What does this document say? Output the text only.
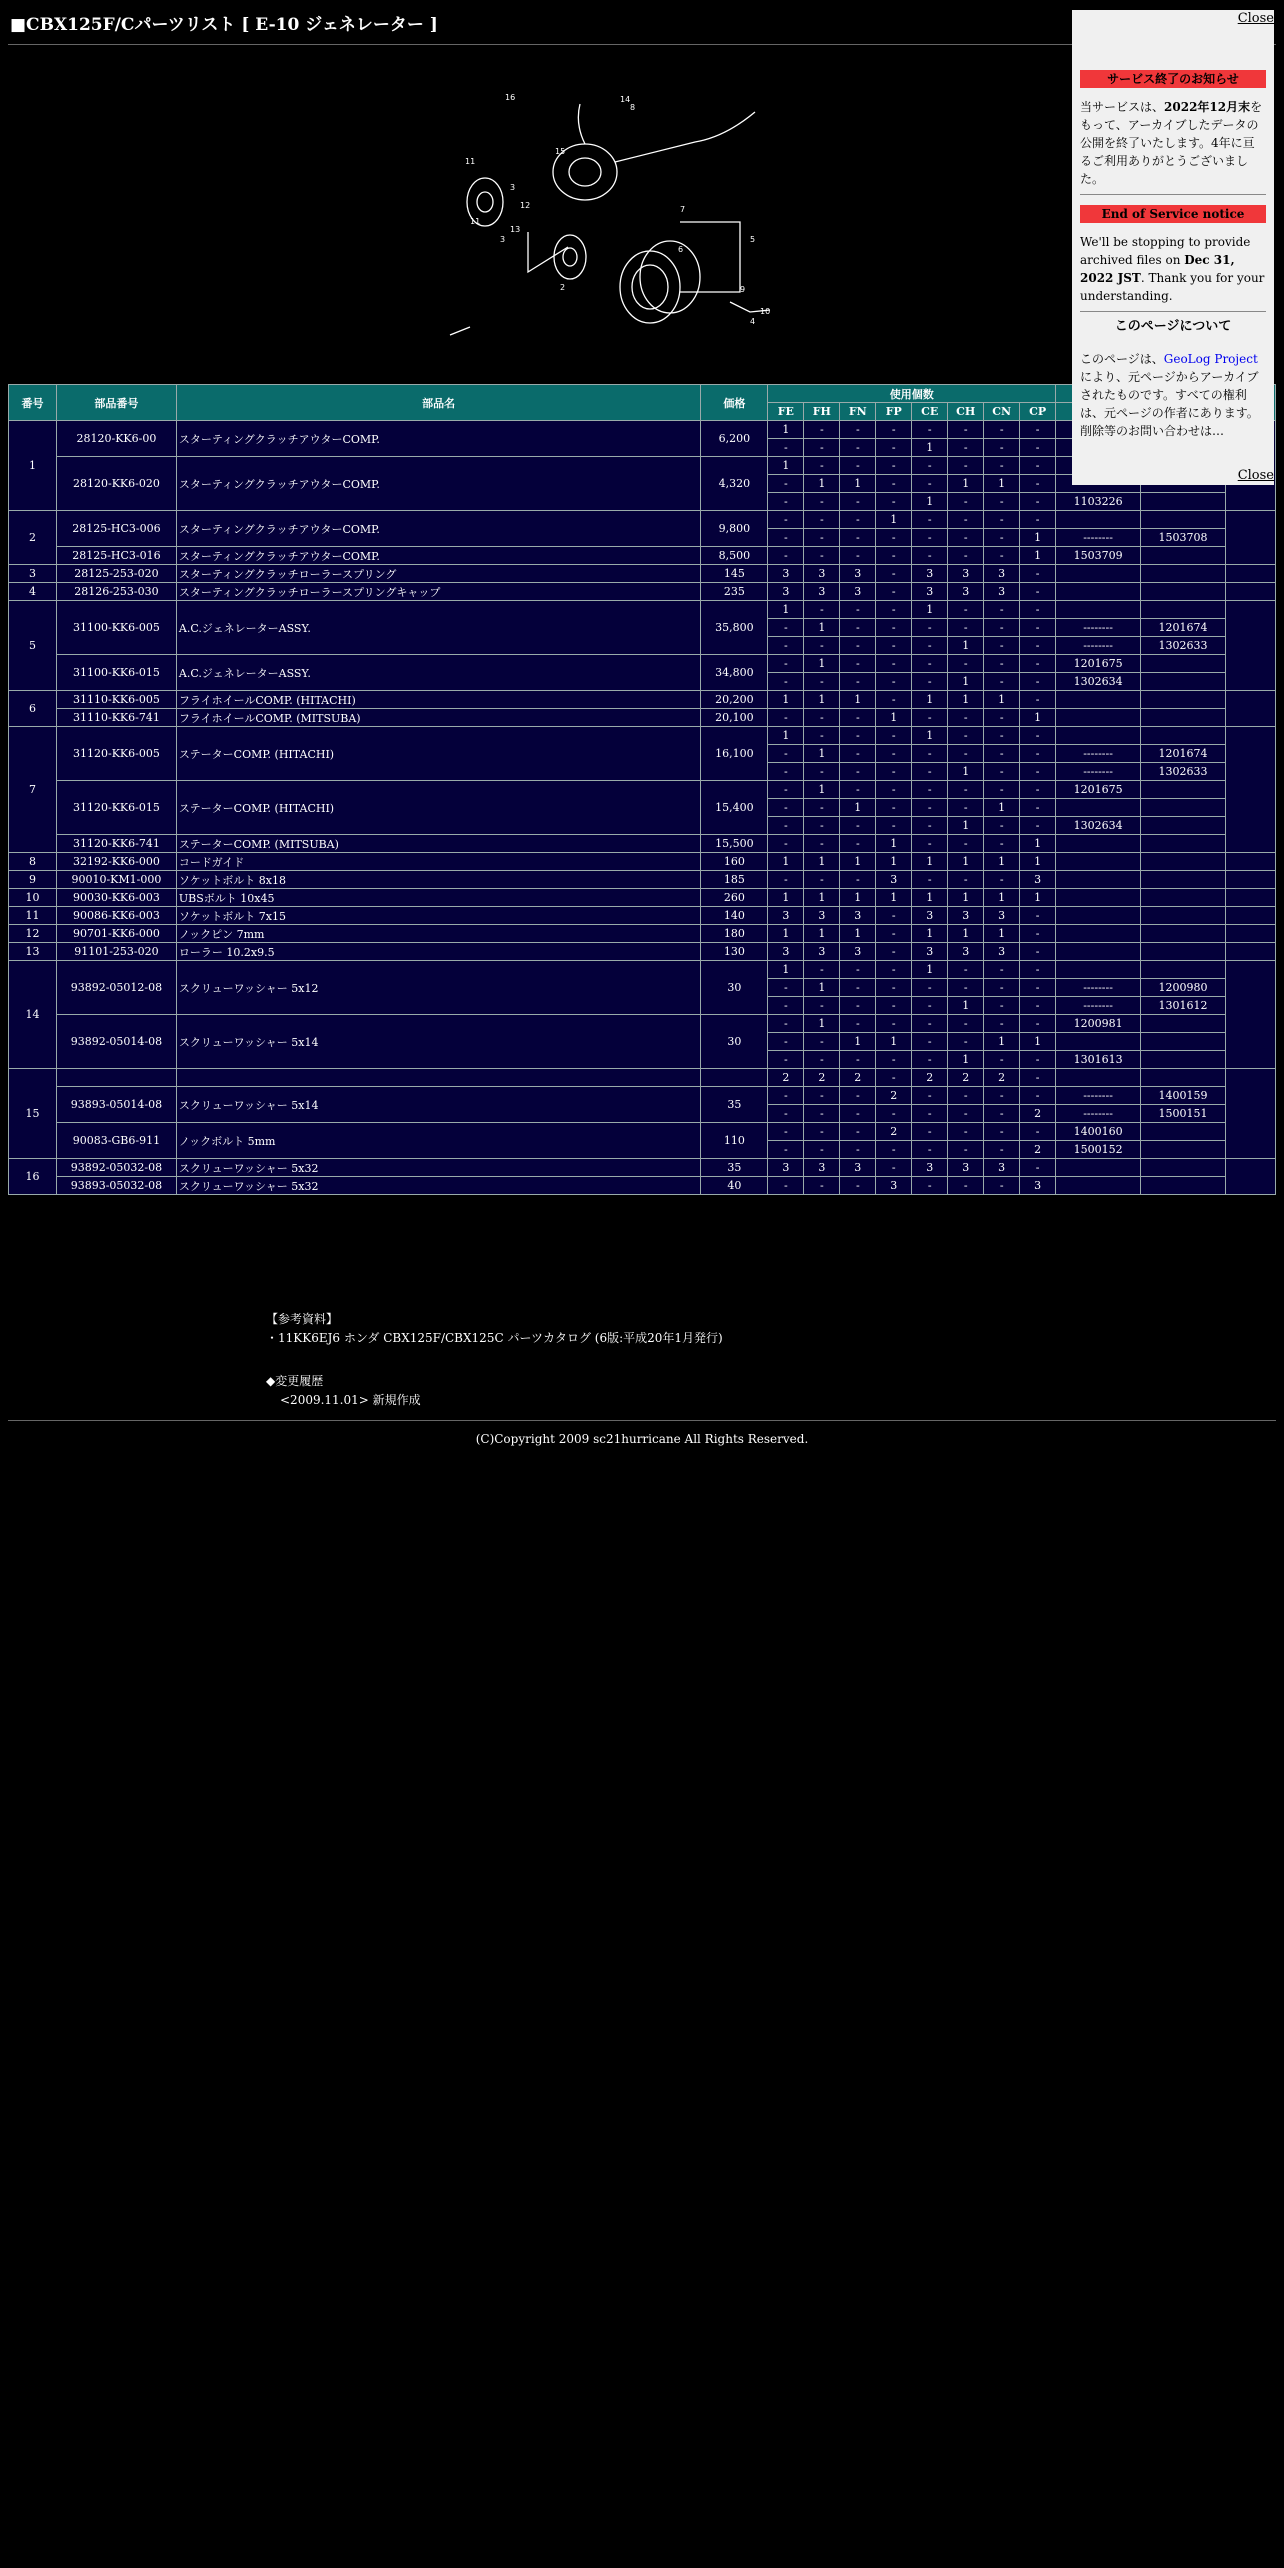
■CBX125F/Cパーツリスト [ E-10 ジェネレーター ]
16	14
8
11
11
3
12
13
3
15
5
6
7
2	9
10
4
番号	部品番号	部品名	価格	使用個数										
				FE	FH	FN	FP	CE	CH	CN	CP			
1	28120-KK6-00	スターティングクラッチアウターCOMP.	6,200	1	-	-	-	-	-	-	-			
				-	-	-	-	1	-	-	-			
	28120-KK6-020	スターティングクラッチアウターCOMP.	4,320	1	-	-	-	-	-	-	-			
				-	1	1	-	-	1	1	-			
				-	-	-	-	1	-	-	-	1103226		
2	28125-HC3-006	スターティングクラッチアウターCOMP.	9,800	-	-	-	1	-	-	-	-			
				-	-	-	-	-	-	-	1	--------	1503708	
	28125-HC3-016	スターティングクラッチアウターCOMP.	8,500	-	-	-	-	-	-	-	1	1503709		
3	28125-253-020	スターティングクラッチローラースプリング	145	3	3	3	-	3	3	3	-			
4	28126-253-030	スターティングクラッチローラースプリングキャップ	235	3	3	3	-	3	3	3	-			
5	31100-KK6-005	A.C.ジェネレーターASSY.	35,800	1	-	-	-	1	-	-	-			
				-	1	-	-	-	-	-	-	--------	1201674	
				-	-	-	-	-	1	-	-	--------	1302633	
	31100-KK6-015	A.C.ジェネレーターASSY.	34,800	-	1	-	-	-	-	-	-	1201675		
				-	-	-	-	-	1	-	-	1302634		
6	31110-KK6-005	フライホイールCOMP. (HITACHI)	20,200	1	1	1	-	1	1	1	-			
	31110-KK6-741	フライホイールCOMP. (MITSUBA)	20,100	-	-	-	1	-	-	-	1			
7	31120-KK6-005	ステーターCOMP. (HITACHI)	16,100	1	-	-	-	1	-	-	-			
				-	1	-	-	-	-	-	-	--------	1201674	
				-	-	-	-	-	1	-	-	--------	1302633	
	31120-KK6-015	ステーターCOMP. (HITACHI)	15,400	-	1	-	-	-	-	-	-	1201675		
				-	-	1	-	-	-	1	-			
				-	-	-	-	-	1	-	-	1302634		
	31120-KK6-741	ステーターCOMP. (MITSUBA)	15,500	-	-	-	1	-	-	-	1			
8	32192-KK6-000	コードガイド	160	1	1	1	1	1	1	1	1			
9	90010-KM1-000	ソケットボルト 8x18	185	-	-	-	3	-	-	-	3			
10	90030-KK6-003	UBSボルト 10x45	260	1	1	1	1	1	1	1	1			
11	90086-KK6-003	ソケットボルト 7x15	140	3	3	3	-	3	3	3	-			
12	90701-KK6-000	ノックピン 7mm	180	1	1	1	-	1	1	1	-			
13	91101-253-020	ローラー 10.2x9.5	130	3	3	3	-	3	3	3	-			
14	93892-05012-08	スクリューワッシャー 5x12	30	1	-	-	-	1	-	-	-			
				-	1	-	-	-	-	-	-	--------	1200980	
				-	-	-	-	-	1	-	-	--------	1301612	
	93892-05014-08	スクリューワッシャー 5x14	30	-	1	-	-	-	-	-	-	1200981		
				-	-	1	1	-	-	1	1			
				-	-	-	-	-	1	-	-	1301613		
15				2	2	2	-	2	2	2	-			
	93893-05014-08	スクリューワッシャー 5x14	35	-	-	-	2	-	-	-	-	--------	1400159	
				-	-	-	-	-	-	-	2	--------	1500151	
	90083-GB6-911	ノックボルト 5mm	110	-	-	-	2	-	-	-	-	1400160		
				-	-	-	-	-	-	-	2	1500152		
16	93892-05032-08	スクリューワッシャー 5x32	35	3	3	3	-	3	3	3	-			
	93893-05032-08	スクリューワッシャー 5x32	40	-	-	-	3	-	-	-	3			
【参考資料】
・11KK6EJ6 ホンダ CBX125F/CBX125C パーツカタログ (6版:平成20年1月発行)
◆変更履歴
<2009.11.01> 新規作成
(C)Copyright 2009 sc21hurricane All Rights Reserved.
Close
サービス終了のお知らせ
当サービスは、2022年12月末をもって、アーカイブしたデータの公開を終了いたします。4年に亘るご利用ありがとうございました。
End of Service notice
We'll be stopping to provide archived files on Dec 31, 2022 JST. Thank you for your understanding.
このページについて
このページは、GeoLog Projectにより、元ページからアーカイブされたものです。すべての権利は、元ページの作者にあります。削除等のお問い合わせは…
Close
